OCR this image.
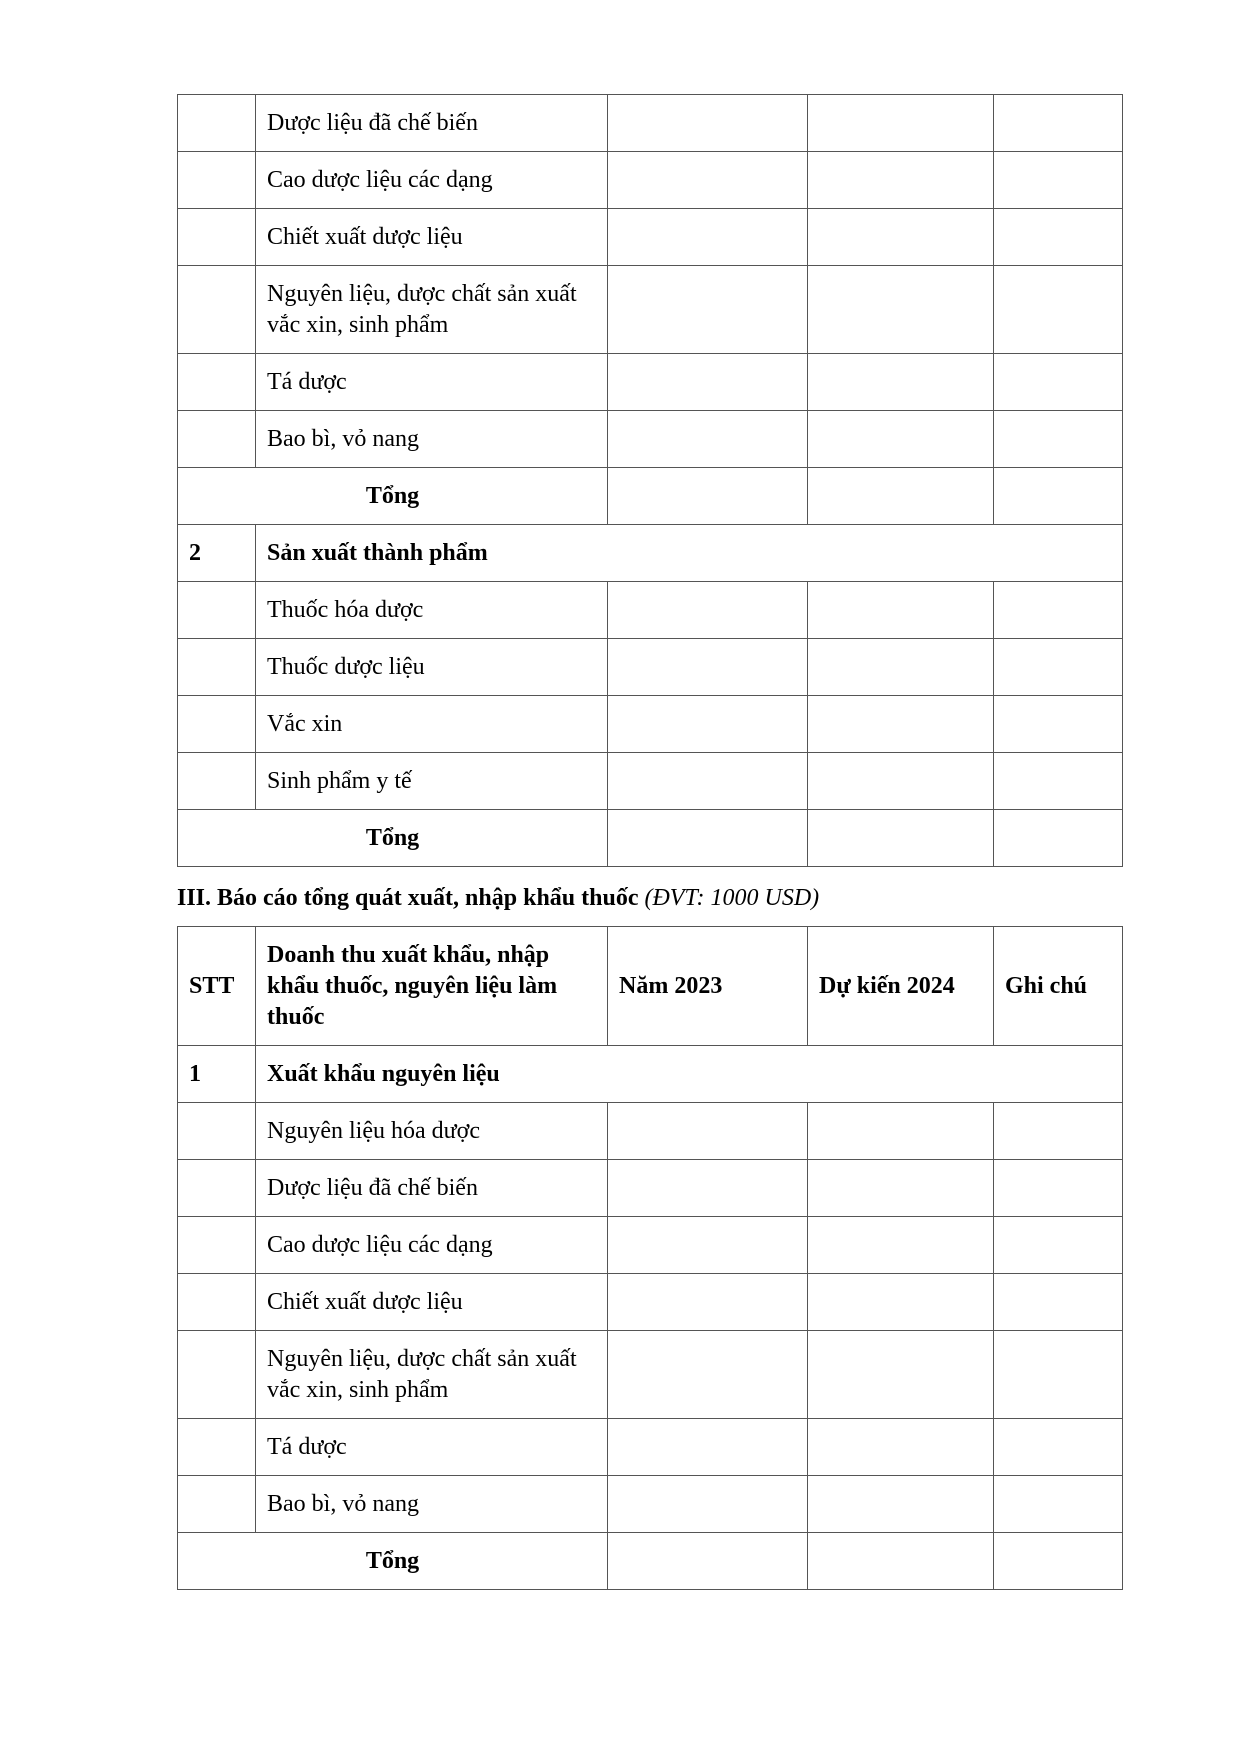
	Dược liệu đã chế biến			
	Cao dược liệu các dạng			
	Chiết xuất dược liệu			
	Nguyên liệu, dược chất sản xuất vắc xin, sinh phẩm			
	Tá dược			
	Bao bì, vỏ nang			
Tổng				
2	Sản xuất thành phẩm			
	Thuốc hóa dược			
	Thuốc dược liệu			
	Vắc xin			
	Sinh phẩm y tế			
Tổng				
III. Báo cáo tổng quát xuất, nhập khẩu thuốc (ĐVT: 1000 USD)
STT	Doanh thu xuất khẩu, nhập khẩu thuốc, nguyên liệu làm thuốc	Năm 2023	Dự kiến 2024	Ghi chú
1	Xuất khẩu nguyên liệu			
	Nguyên liệu hóa dược			
	Dược liệu đã chế biến			
	Cao dược liệu các dạng			
	Chiết xuất dược liệu			
	Nguyên liệu, dược chất sản xuất vắc xin, sinh phẩm			
	Tá dược			
	Bao bì, vỏ nang			
Tổng				
